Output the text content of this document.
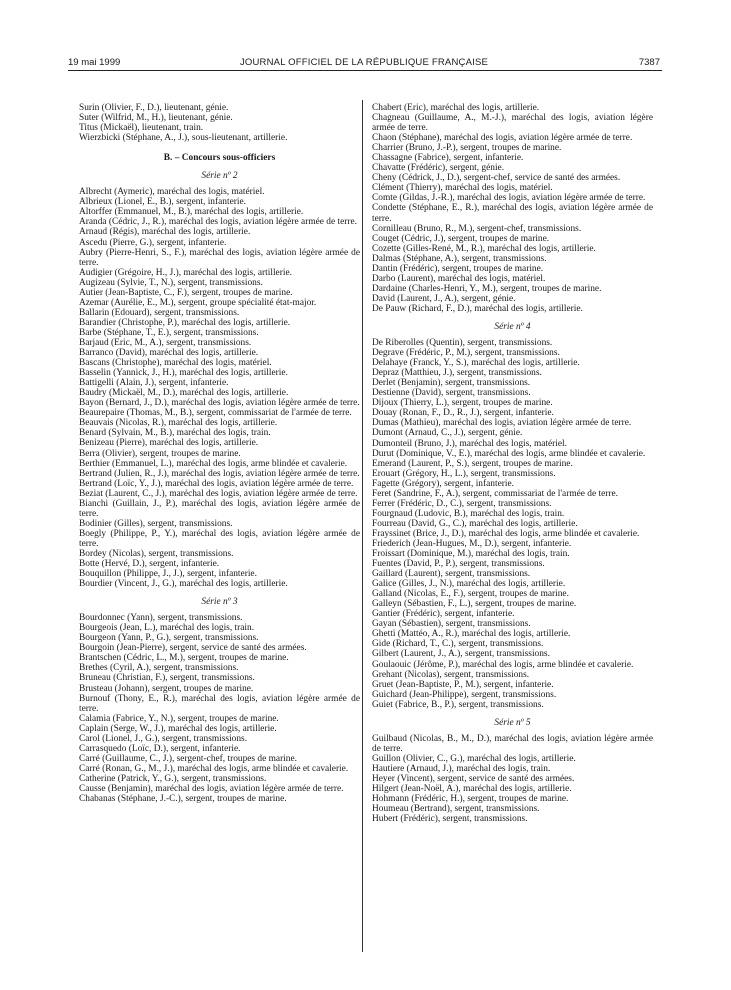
19 mai 1999	JOURNAL OFFICIEL DE LA RÉPUBLIQUE FRANÇAISE	7387
Surin (Olivier, F., D.), lieutenant, génie.
Suter (Wilfrid, M., H.), lieutenant, génie.
Titus (Mickaël), lieutenant, train.
Wierzbicki (Stéphane, A., J.), sous-lieutenant, artillerie.
B. – Concours sous-officiers
Série nº 2
Albrecht (Aymeric), maréchal des logis, matériel.
Albrieux (Lionel, E., B.), sergent, infanterie.
Altorffer (Emmanuel, M., B.), maréchal des logis, artillerie.
Aranda (Cédric, J., R.), maréchal des logis, aviation légère armée de terre.
Arnaud (Régis), maréchal des logis, artillerie.
Ascedu (Pierre, G.), sergent, infanterie.
Aubry (Pierre-Henri, S., F.), maréchal des logis, aviation légère armée de terre.
Audigier (Grégoire, H., J.), maréchal des logis, artillerie.
Augizeau (Sylvie, T., N.), sergent, transmissions.
Autier (Jean-Baptiste, C., F.), sergent, troupes de marine.
Azemar (Aurélie, E., M.), sergent, groupe spécialité état-major.
Ballarin (Edouard), sergent, transmissions.
Barandier (Christophe, P.), maréchal des logis, artillerie.
Barbe (Stéphane, T., E.), sergent, transmissions.
Barjaud (Eric, M., A.), sergent, transmissions.
Barranco (David), maréchal des logis, artillerie.
Bascans (Christophe), maréchal des logis, matériel.
Basselin (Yannick, J., H.), maréchal des logis, artillerie.
Battigelli (Alain, J.), sergent, infanterie.
Baudry (Mickaël, M., D.), maréchal des logis, artillerie.
Bayon (Bernard, J., D.), maréchal des logis, aviation légère armée de terre.
Beaurepaire (Thomas, M., B.), sergent, commissariat de l'armée de terre.
Beauvais (Nicolas, R.), maréchal des logis, artillerie.
Benard (Sylvain, M., B.), maréchal des logis, train.
Benizeau (Pierre), maréchal des logis, artillerie.
Berra (Olivier), sergent, troupes de marine.
Berthier (Emmanuel, L.), maréchal des logis, arme blindée et cavalerie.
Bertrand (Julien, R., J.), maréchal des logis, aviation légère armée de terre.
Bertrand (Loïc, Y., J.), maréchal des logis, aviation légère armée de terre.
Beziat (Laurent, C., J.), maréchal des logis, aviation légère armée de terre.
Bianchi (Guillain, J., P.), maréchal des logis, aviation légère armée de terre.
Bodinier (Gilles), sergent, transmissions.
Boegly (Philippe, P., Y.), maréchal des logis, aviation légère armée de terre.
Bordey (Nicolas), sergent, transmissions.
Botte (Hervé, D.), sergent, infanterie.
Bouquillon (Philippe, J., J.), sergent, infanterie.
Bourdier (Vincent, J., G.), maréchal des logis, artillerie.
Série nº 3
Bourdonnec (Yann), sergent, transmissions.
Bourgeois (Jean, L.), maréchal des logis, train.
Bourgeon (Yann, P., G.), sergent, transmissions.
Bourgoin (Jean-Pierre), sergent, service de santé des armées.
Brantschen (Cédric, L., M.), sergent, troupes de marine.
Brethes (Cyril, A.), sergent, transmissions.
Bruneau (Christian, F.), sergent, transmissions.
Brusteau (Johann), sergent, troupes de marine.
Burnouf (Thony, E., R.), maréchal des logis, aviation légère armée de terre.
Calamia (Fabrice, Y., N.), sergent, troupes de marine.
Caplain (Serge, W., J.), maréchal des logis, artillerie.
Carol (Lionel, J., G.), sergent, transmissions.
Carrasquedo (Loïc, D.), sergent, infanterie.
Carré (Guillaume, C., J.), sergent-chef, troupes de marine.
Carré (Ronan, G., M., J.), maréchal des logis, arme blindée et cavalerie.
Catherine (Patrick, Y., G.), sergent, transmissions.
Causse (Benjamin), maréchal des logis, aviation légère armée de terre.
Chabanas (Stéphane, J.-C.), sergent, troupes de marine.
Chabert (Eric), maréchal des logis, artillerie.
Chagneau (Guillaume, A., M.-J.), maréchal des logis, aviation légère armée de terre.
Chaon (Stéphane), maréchal des logis, aviation légère armée de terre.
Charrier (Bruno, J.-P.), sergent, troupes de marine.
Chassagne (Fabrice), sergent, infanterie.
Chavatte (Frédéric), sergent, génie.
Cheny (Cédrick, J., D.), sergent-chef, service de santé des armées.
Clément (Thierry), maréchal des logis, matériel.
Comte (Gildas, J.-R.), maréchal des logis, aviation légère armée de terre.
Condette (Stéphane, E., R.), maréchal des logis, aviation légère armée de terre.
Cornilleau (Bruno, R., M.), sergent-chef, transmissions.
Couget (Cédric, J.), sergent, troupes de marine.
Cozette (Gilles-René, M., R.), maréchal des logis, artillerie.
Dalmas (Stéphane, A.), sergent, transmissions.
Dantin (Frédéric), sergent, troupes de marine.
Darbo (Laurent), maréchal des logis, matériel.
Dardaine (Charles-Henri, Y., M.), sergent, troupes de marine.
David (Laurent, J., A.), sergent, génie.
De Pauw (Richard, F., D.), maréchal des logis, artillerie.
Série nº 4
De Riberolles (Quentin), sergent, transmissions.
Degrave (Frédéric, P., M.), sergent, transmissions.
Delahaye (Franck, Y., S.), maréchal des logis, artillerie.
Depraz (Matthieu, J.), sergent, transmissions.
Derlet (Benjamin), sergent, transmissions.
Destienne (David), sergent, transmissions.
Dijoux (Thierry, L.), sergent, troupes de marine.
Douay (Ronan, F., D., R., J.), sergent, infanterie.
Dumas (Mathieu), maréchal des logis, aviation légère armée de terre.
Dumont (Arnaud, C., J.), sergent, génie.
Dumonteil (Bruno, J.), maréchal des logis, matériel.
Durut (Dominique, V., E.), maréchal des logis, arme blindée et cavalerie.
Emerand (Laurent, P., S.), sergent, troupes de marine.
Erouart (Grégory, H., L.), sergent, transmissions.
Fagette (Grégory), sergent, infanterie.
Feret (Sandrine, F., A.), sergent, commissariat de l'armée de terre.
Ferrer (Frédéric, D., C.), sergent, transmissions.
Fourgnaud (Ludovic, B.), maréchal des logis, train.
Fourreau (David, G., C.), maréchal des logis, artillerie.
Frayssinet (Brice, J., D.), maréchal des logis, arme blindée et cavalerie.
Friederich (Jean-Hugues, M., D.), sergent, infanterie.
Froissart (Dominique, M.), maréchal des logis, train.
Fuentes (David, P., P.), sergent, transmissions.
Gaillard (Laurent), sergent, transmissions.
Galice (Gilles, J., N.), maréchal des logis, artillerie.
Galland (Nicolas, E., F.), sergent, troupes de marine.
Galleyn (Sébastien, F., L.), sergent, troupes de marine.
Gantier (Frédéric), sergent, infanterie.
Gayan (Sébastien), sergent, transmissions.
Ghetti (Mattéo, A., R.), maréchal des logis, artillerie.
Gide (Richard, T., C.), sergent, transmissions.
Gilbert (Laurent, J., A.), sergent, transmissions.
Goulaouic (Jérôme, P.), maréchal des logis, arme blindée et cavalerie.
Grehant (Nicolas), sergent, transmissions.
Gruet (Jean-Baptiste, P., M.), sergent, infanterie.
Guichard (Jean-Philippe), sergent, transmissions.
Guiet (Fabrice, B., P.), sergent, transmissions.
Série nº 5
Guilbaud (Nicolas, B., M., D.), maréchal des logis, aviation légère armée de terre.
Guillon (Olivier, C., G.), maréchal des logis, artillerie.
Hautiere (Arnaud, J.), maréchal des logis, train.
Heyer (Vincent), sergent, service de santé des armées.
Hilgert (Jean-Noël, A.), maréchal des logis, artillerie.
Hohmann (Frédéric, H.), sergent, troupes de marine.
Houmeau (Bertrand), sergent, transmissions.
Hubert (Frédéric), sergent, transmissions.
